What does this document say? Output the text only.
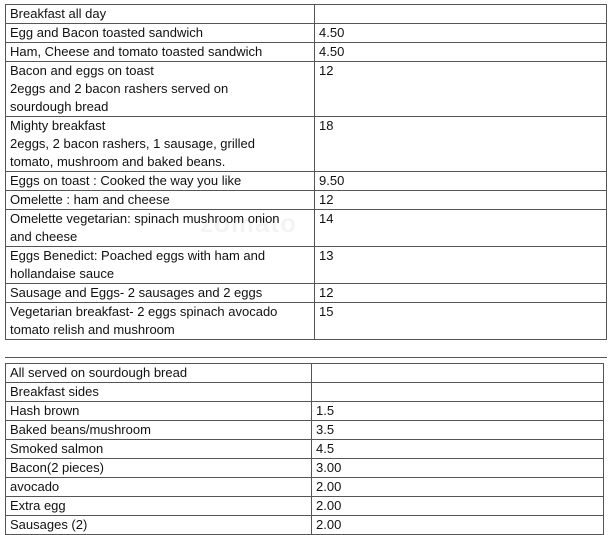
Breakfast all day	
Egg and Bacon toasted sandwich	4.50
Ham, Cheese and tomato toasted sandwich	4.50
Bacon and eggs on toast
2eggs and 2 bacon rashers served on
sourdough bread	12
Mighty breakfast
2eggs, 2 bacon rashers, 1 sausage, grilled
tomato, mushroom and baked beans.	18
Eggs on toast : Cooked the way you like	9.50
Omelette : ham and cheese	12
Omelette vegetarian: spinach mushroom onion
and cheese	14
Eggs Benedict: Poached eggs with ham and
hollandaise sauce	13
Sausage and Eggs- 2 sausages and 2 eggs	12
Vegetarian breakfast- 2 eggs spinach avocado
tomato relish and mushroom	15
All served on sourdough bread	
Breakfast sides	
Hash brown	1.5
Baked beans/mushroom	3.5
Smoked salmon	4.5
Bacon(2 pieces)	3.00
avocado	2.00
Extra egg	2.00
Sausages (2)	2.00
